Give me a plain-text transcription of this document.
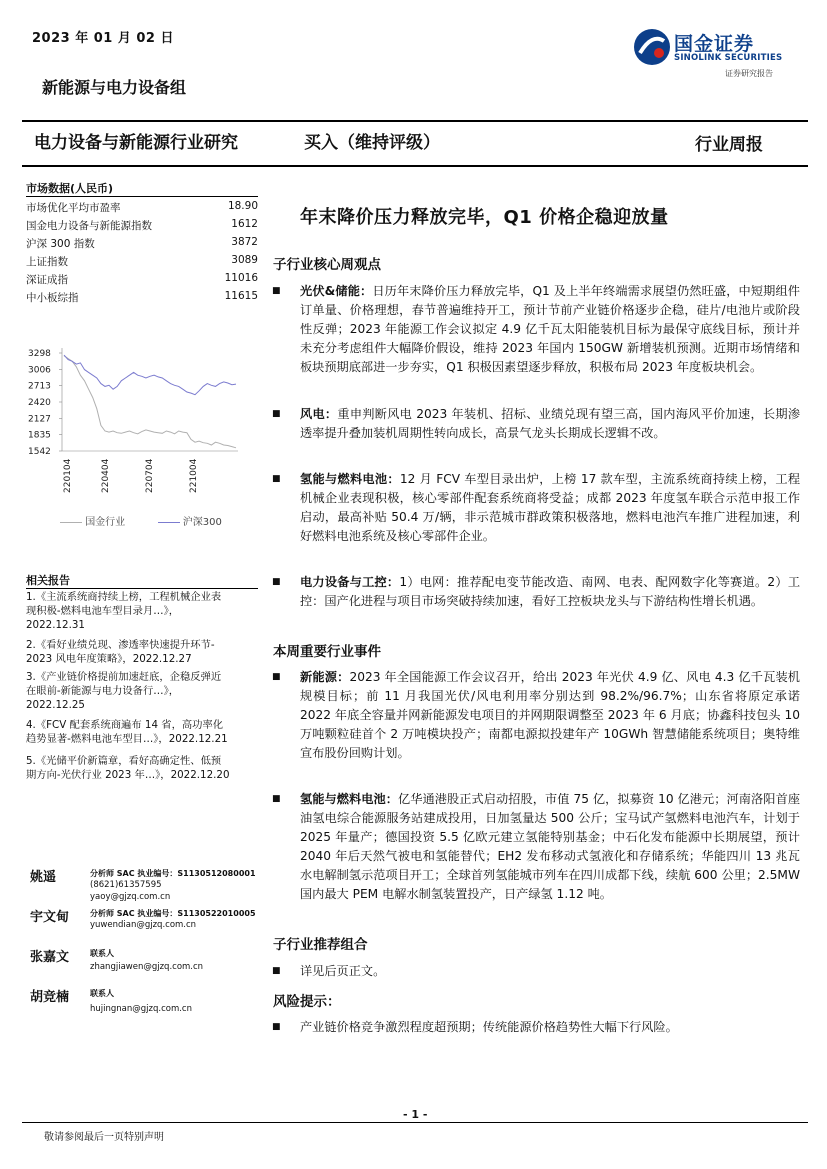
2023 年 01 月 02 日	国金证券
SINOLINK SECURITIES
证券研究报告
新能源与电力设备组
电力设备与新能源行业研究	买入（维持评级）	行业周报
市场数据(人民币)
市场优化平均市盈率	18.90
国金电力设备与新能源指数	1612
沪深 300 指数	3872
上证指数	3089
深证成指	11016
中小板综指	11615
3298
3006
2713
2420
2127
1835
1542
220104	220404	220704	221004
国金行业	沪深300
相关报告
1.《主流系统商持续上榜，工程机械企业表
现积极-燃料电池车型目录月…》，
2022.12.31
2.《看好业绩兑现、渗透率快速提升环节-
2023 风电年度策略》，2022.12.27
3.《产业链价格提前加速赶底，企稳反弹近
在眼前-新能源与电力设备行…》，
2022.12.25
4.《FCV 配套系统商遍布 14 省，高功率化
趋势显著-燃料电池车型目…》，2022.12.21
5.《光储平价新篇章，看好高确定性、低预
期方向-光伏行业 2023 年…》，2022.12.20
姚遥	分析师 SAC 执业编号：S1130512080001
(8621)61357595
yaoy@gjzq.com.cn
宇文甸	分析师 SAC 执业编号：S1130522010005
yuwendian@gjzq.com.cn
张嘉文	联系人
zhangjiawen@gjzq.com.cn
胡竞楠	联系人
hujingnan@gjzq.com.cn
年末降价压力释放完毕，Q1 价格企稳迎放量
子行业核心周观点
■ 光伏&储能：日历年末降价压力释放完毕，Q1 及上半年终端需求展望仍然旺盛，中短期组件订单量、价格理想，春节普遍维持开工，预计节前产业链价格逐步企稳，硅片/电池片或阶段性反弹；2023 年能源工作会议拟定 4.9 亿千瓦太阳能装机目标为最保守底线目标，预计并未充分考虑组件大幅降价假设，维持 2023 年国内 150GW 新增装机预测。近期市场情绪和板块预期底部进一步夯实，Q1 积极因素望逐步释放，积极布局 2023 年度板块机会。
■ 风电：重申判断风电 2023 年装机、招标、业绩兑现有望三高，国内海风平价加速，长期渗透率提升叠加装机周期性转向成长，高景气龙头长期成长逻辑不改。
■ 氢能与燃料电池：12 月 FCV 车型目录出炉，上榜 17 款车型，主流系统商持续上榜，工程机械企业表现积极，核心零部件配套系统商将受益；成都 2023 年度氢车联合示范申报工作启动，最高补贴 50.4 万/辆，非示范城市群政策积极落地，燃料电池汽车推广进程加速，利好燃料电池系统及核心零部件企业。
■ 电力设备与工控：1）电网：推荐配电变节能改造、南网、电表、配网数字化等赛道。2）工控：国产化进程与项目市场突破持续加速，看好工控板块龙头与下游结构性增长机遇。
本周重要行业事件
■ 新能源：2023 年全国能源工作会议召开，给出 2023 年光伏 4.9 亿、风电 4.3 亿千瓦装机规模目标；前 11 月我国光伏/风电利用率分别达到 98.2%/96.7%；山东省将原定承诺 2022 年底全容量并网新能源发电项目的并网期限调整至 2023 年 6 月底；协鑫科技包头 10 万吨颗粒硅首个 2 万吨模块投产；南都电源拟投建年产 10GWh 智慧储能系统项目；奥特维宣布股份回购计划。
■ 氢能与燃料电池：亿华通港股正式启动招股，市值 75 亿，拟募资 10 亿港元；河南洛阳首座油氢电综合能源服务站建成投用，日加氢量达 500 公斤；宝马试产氢燃料电池汽车，计划于 2025 年量产；德国投资 5.5 亿欧元建立氢能特别基金；中石化发布能源中长期展望，预计 2040 年后天然气被电和氢能替代；EH2 发布移动式氢液化和存储系统；华能四川 13 兆瓦水电解制氢示范项目开工；全球首列氢能城市列车在四川成都下线，续航 600 公里；2.5MW 国内最大 PEM 电解水制氢装置投产，日产绿氢 1.12 吨。
子行业推荐组合
■ 详见后页正文。
风险提示：
■ 产业链价格竞争激烈程度超预期；传统能源价格趋势性大幅下行风险。
- 1 -
敬请参阅最后一页特别声明
